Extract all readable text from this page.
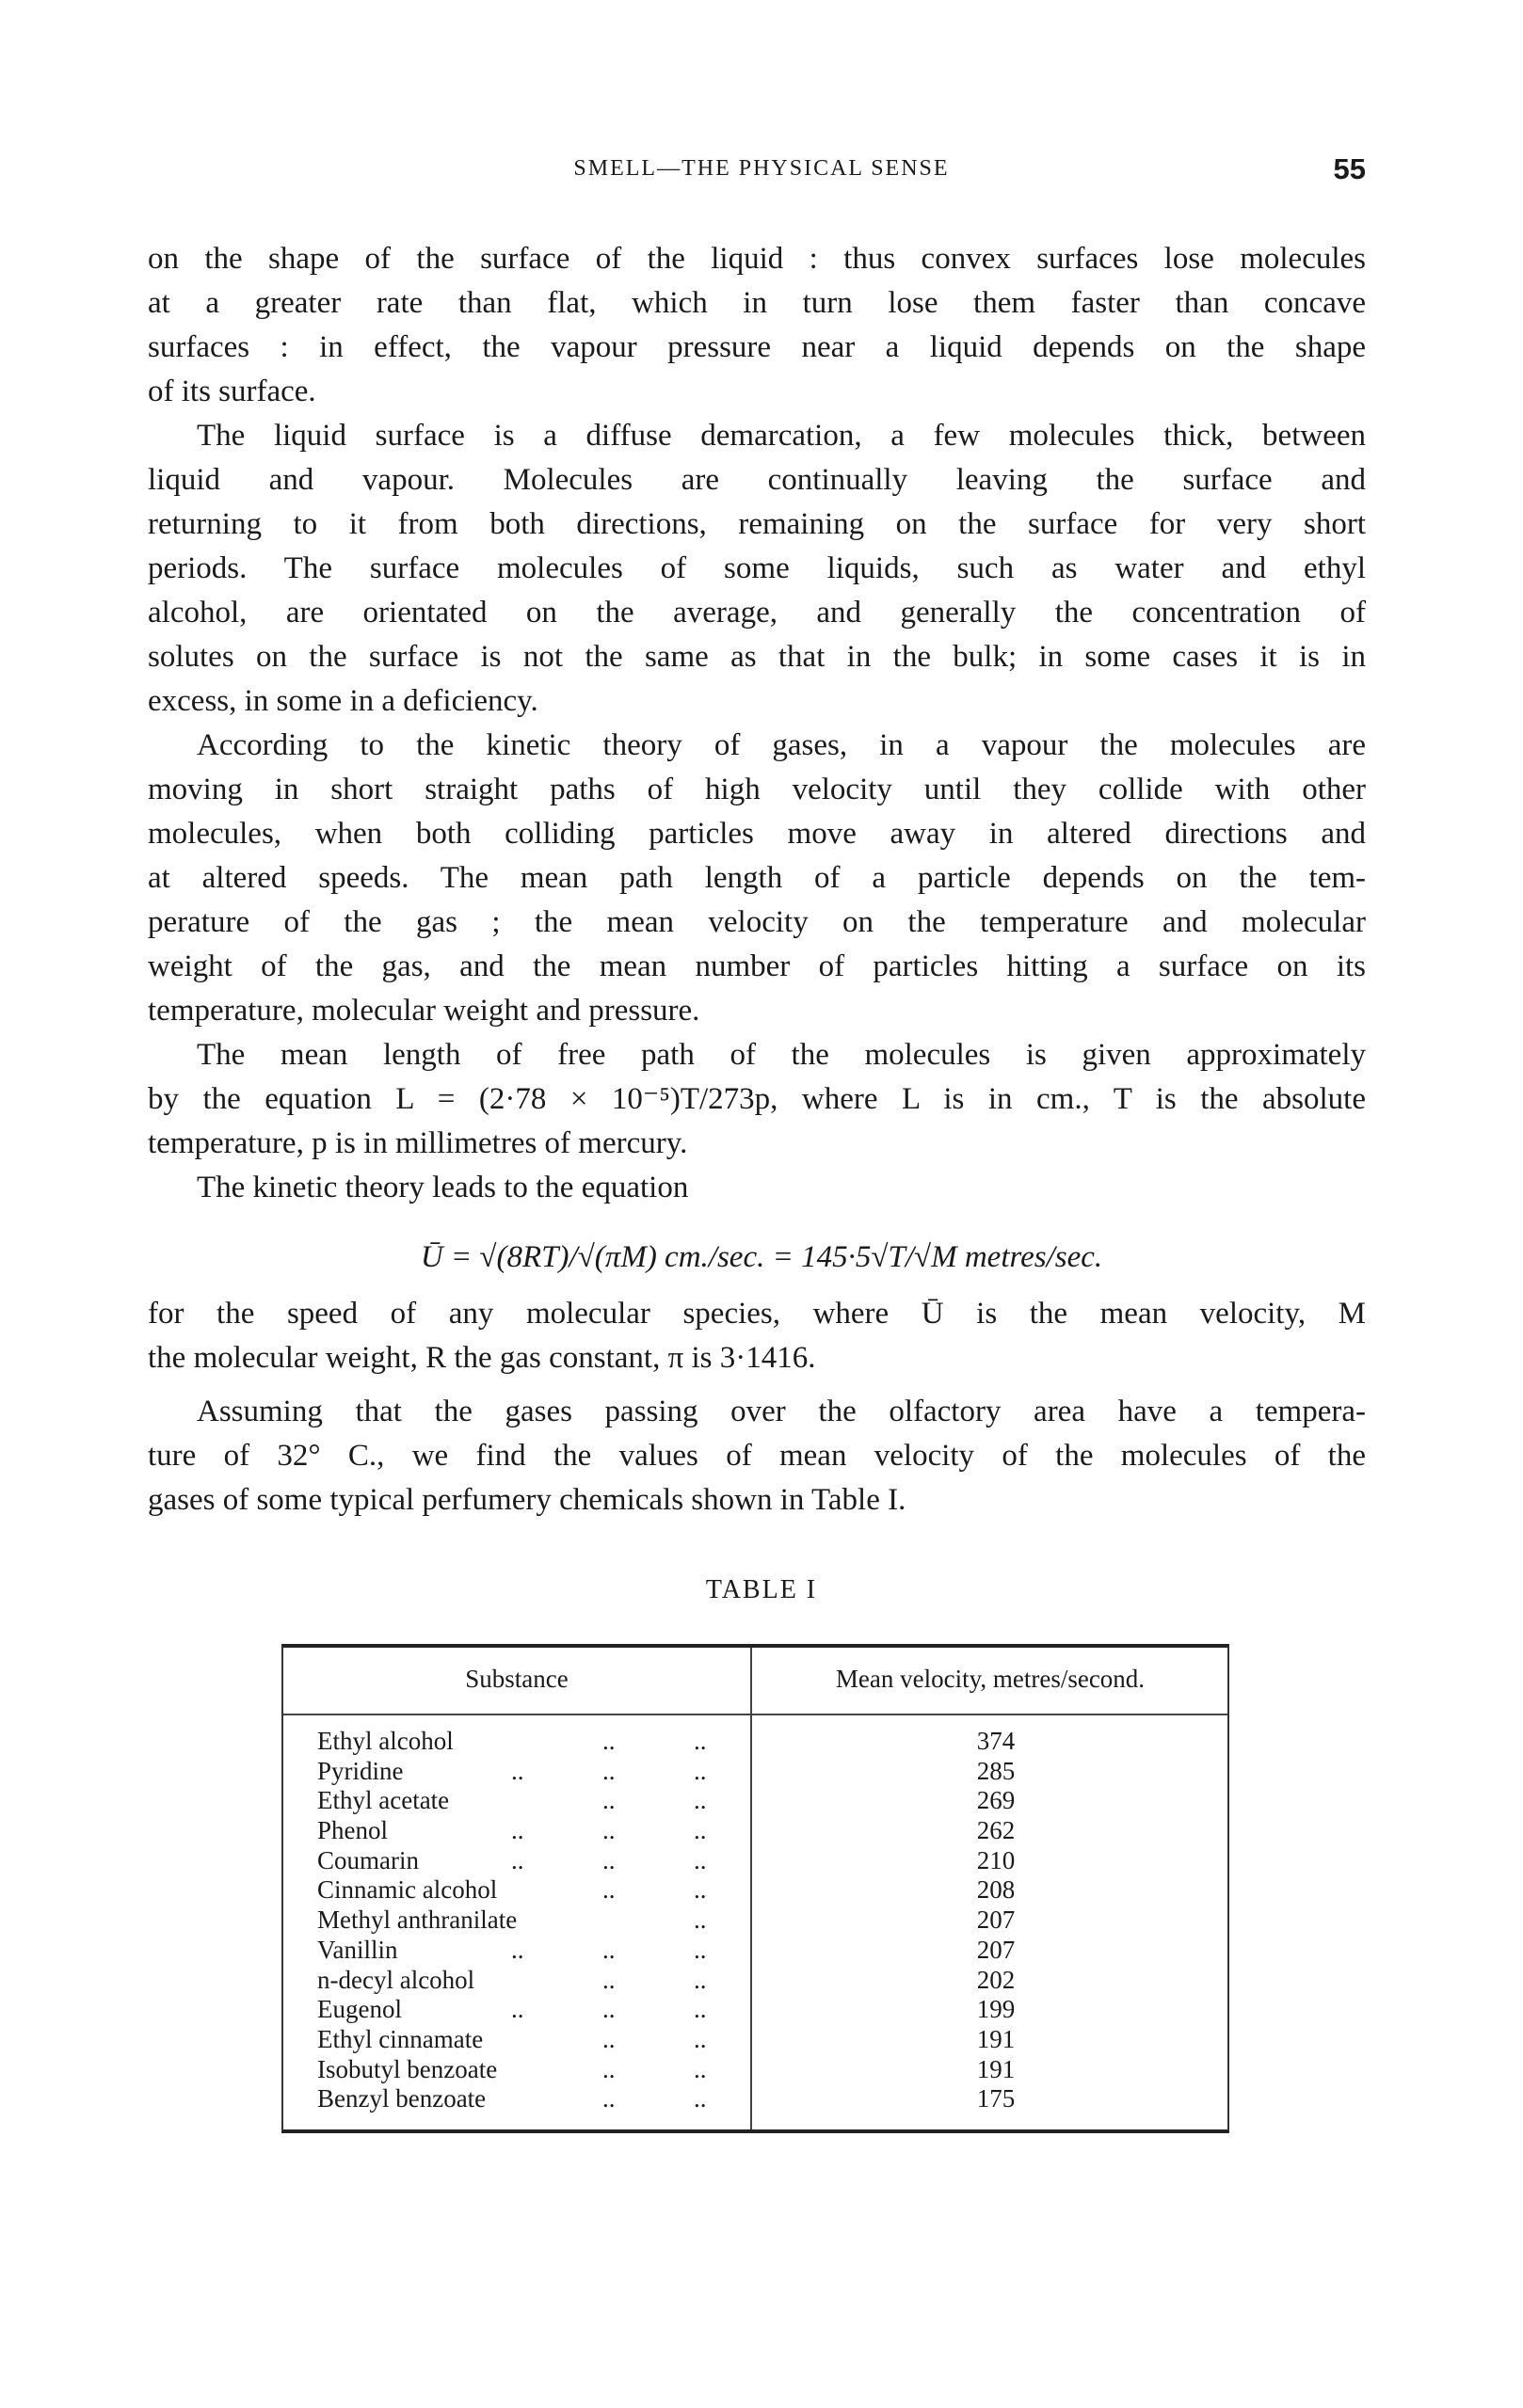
SMELL—THE PHYSICAL SENSE	55
on the shape of the surface of the liquid : thus convex surfaces lose molecules
at a greater rate than flat, which in turn lose them faster than concave
surfaces : in effect, the vapour pressure near a liquid depends on the shape
of its surface.
The liquid surface is a diffuse demarcation, a few molecules thick, between
liquid and vapour. Molecules are continually leaving the surface and
returning to it from both directions, remaining on the surface for very short
periods. The surface molecules of some liquids, such as water and ethyl
alcohol, are orientated on the average, and generally the concentration of
solutes on the surface is not the same as that in the bulk; in some cases it is in
excess, in some in a deficiency.
According to the kinetic theory of gases, in a vapour the molecules are
moving in short straight paths of high velocity until they collide with other
molecules, when both colliding particles move away in altered directions and
at altered speeds. The mean path length of a particle depends on the tem-
perature of the gas ; the mean velocity on the temperature and molecular
weight of the gas, and the mean number of particles hitting a surface on its
temperature, molecular weight and pressure.
The mean length of free path of the molecules is given approximately
by the equation L = (2·78 × 10⁻⁵)T/273p, where L is in cm., T is the absolute
temperature, p is in millimetres of mercury.
The kinetic theory leads to the equation
Ū = √(8RT)/√(πM) cm./sec. = 145·5√T/√M metres/sec.
for the speed of any molecular species, where Ū is the mean velocity, M
the molecular weight, R the gas constant, π is 3·1416.
Assuming that the gases passing over the olfactory area have a tempera-
ture of 32° C., we find the values of mean velocity of the molecules of the
gases of some typical perfumery chemicals shown in Table I.
TABLE I
Substance	Mean velocity, metres/second.
Ethyl alcohol	..	..	374
Pyridine	..	..	..	285
Ethyl acetate	..	..	269
Phenol	..	..	..	262
Coumarin	..	..	..	210
Cinnamic alcohol	..	..	208
Methyl anthranilate	..	207
Vanillin	..	..	..	207
n-decyl alcohol	..	..	202
Eugenol	..	..	..	199
Ethyl cinnamate	..	..	191
Isobutyl benzoate	..	..	191
Benzyl benzoate	..	..	175
